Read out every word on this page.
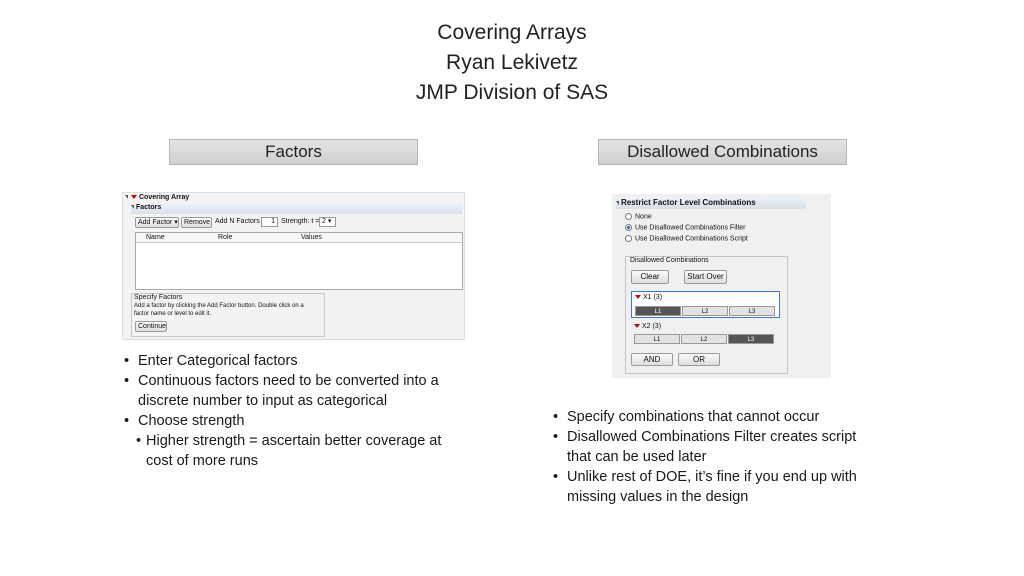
Covering Arrays
Ryan Lekivetz
JMP Division of SAS
Factors	Disallowed Combinations
Covering Array
Factors
Add Factor ▾ Remove Add N Factors	1 Strength: t = 2 ▾
Name	Role	Values
Specify Factors
Add a factor by clicking the Add Factor button. Double click on a
factor name or level to edit it.
Continue
• Enter Categorical factors
• Continuous factors need to be converted into a
discrete number to input as categorical
• Choose strength
• Higher strength = ascertain better coverage at
cost of more runs
Restrict Factor Level Combinations
None
Use Disallowed Combinations Filter
Use Disallowed Combinations Script
Disallowed Combinations
Clear	Start Over
X1 (3)
L1	L2	L3
X2 (3)
L1	L2	L3
AND	OR
• Specify combinations that cannot occur
• Disallowed Combinations Filter creates script
that can be used later
• Unlike rest of DOE, it’s fine if you end up with
missing values in the design
